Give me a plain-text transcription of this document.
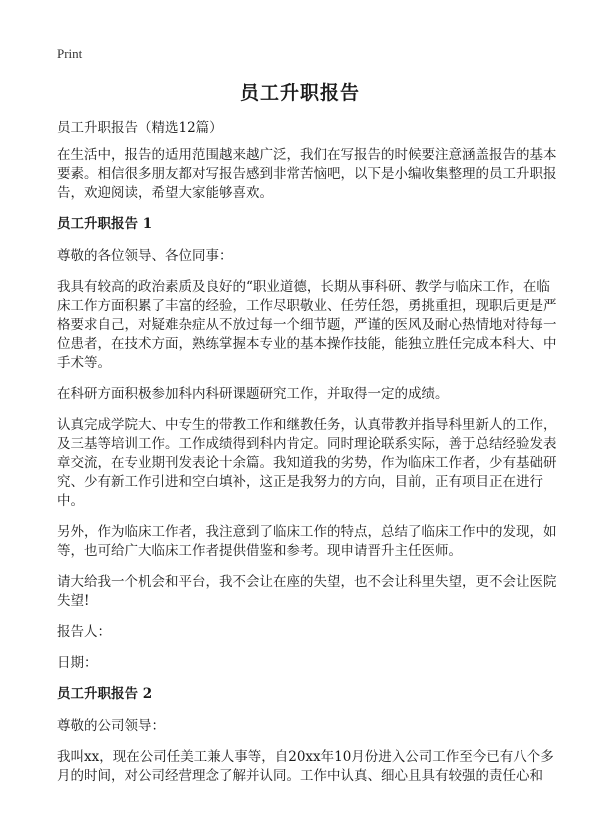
Print
员工升职报告

员工升职报告（精选12篇）

在生活中，报告的适用范围越来越广泛，我们在写报告的时候要注意涵盖报告的基本要素。相信很多朋友都对写报告感到非常苦恼吧，以下是小编收集整理的员工升职报告，欢迎阅读，希望大家能够喜欢。

员工升职报告 1

尊敬的各位领导、各位同事：

我具有较高的政治素质及良好的“职业道德，长期从事科研、教学与临床工作，在临床工作方面积累了丰富的经验，工作尽职敬业、任劳任怨，勇挑重担，现职后更是严格要求自己，对疑难杂症从不放过每一个细节题，严谨的医风及耐心热情地对待每一位患者，在技术方面，熟练掌握本专业的基本操作技能，能独立胜任完成本科大、中手术等。

在科研方面积极参加科内科研课题研究工作，并取得一定的成绩。

认真完成学院大、中专生的带教工作和继教任务，认真带教并指导科里新人的工作，及三基等培训工作。工作成绩得到科内肯定。同时理论联系实际，善于总结经验发表章交流，在专业期刊发表论十余篇。我知道我的劣势，作为临床工作者，少有基础研究、少有新工作引进和空白填补，这正是我努力的方向，目前，正有项目正在进行中。

另外，作为临床工作者，我注意到了临床工作的特点，总结了临床工作中的发现，如等，也可给广大临床工作者提供借鉴和参考。现申请晋升主任医师。

请大给我一个机会和平台，我不会让在座的失望，也不会让科里失望，更不会让医院失望!

报告人：

日期：

员工升职报告 2

尊敬的公司领导：

我叫xx，现在公司任美工兼人事等，自20xx年10月份进入公司工作至今已有八个多月的时间，对公司经营理念了解并认同。工作中认真、细心且具有较强的责任心和
